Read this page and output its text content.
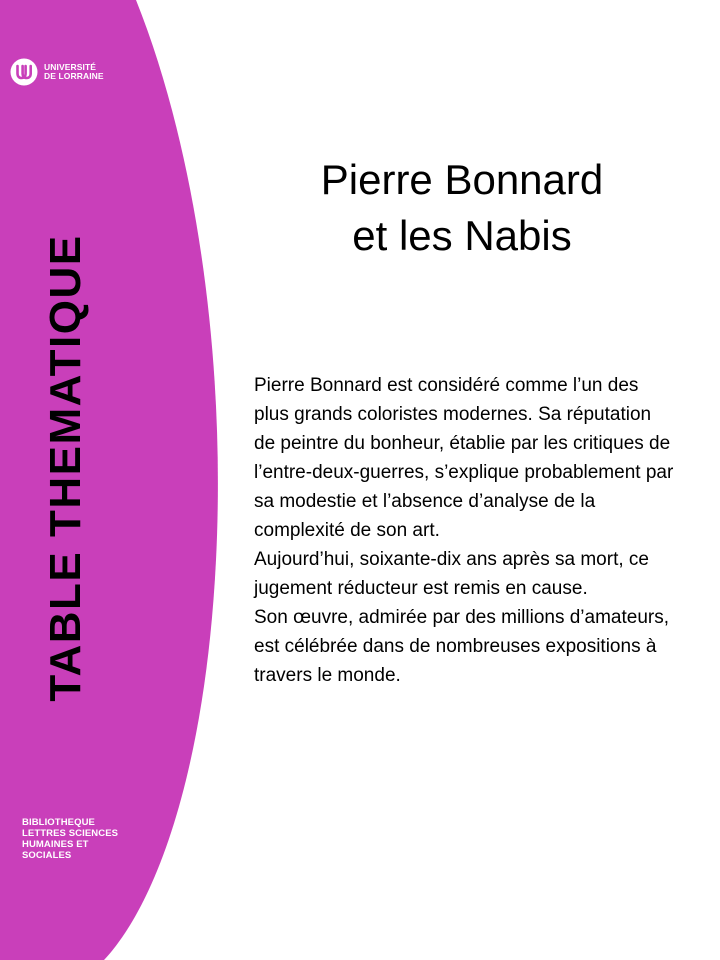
UNIVERSITÉ
DE LORRAINE
TABLE THEMATIQUE
BIBLIOTHEQUE
LETTRES SCIENCES
HUMAINES ET
SOCIALES
Pierre Bonnard
et les Nabis

Pierre Bonnard est considéré comme l’un des plus grands coloristes modernes. Sa réputation de peintre du bonheur, établie par les critiques de l’entre-deux-guerres, s’explique probablement par sa modestie et l’absence d’analyse de la complexité de son art.

Aujourd’hui, soixante-dix ans après sa mort, ce jugement réducteur est remis en cause.

Son œuvre, admirée par des millions d’amateurs, est célébrée dans de nombreuses expositions à travers le monde.
